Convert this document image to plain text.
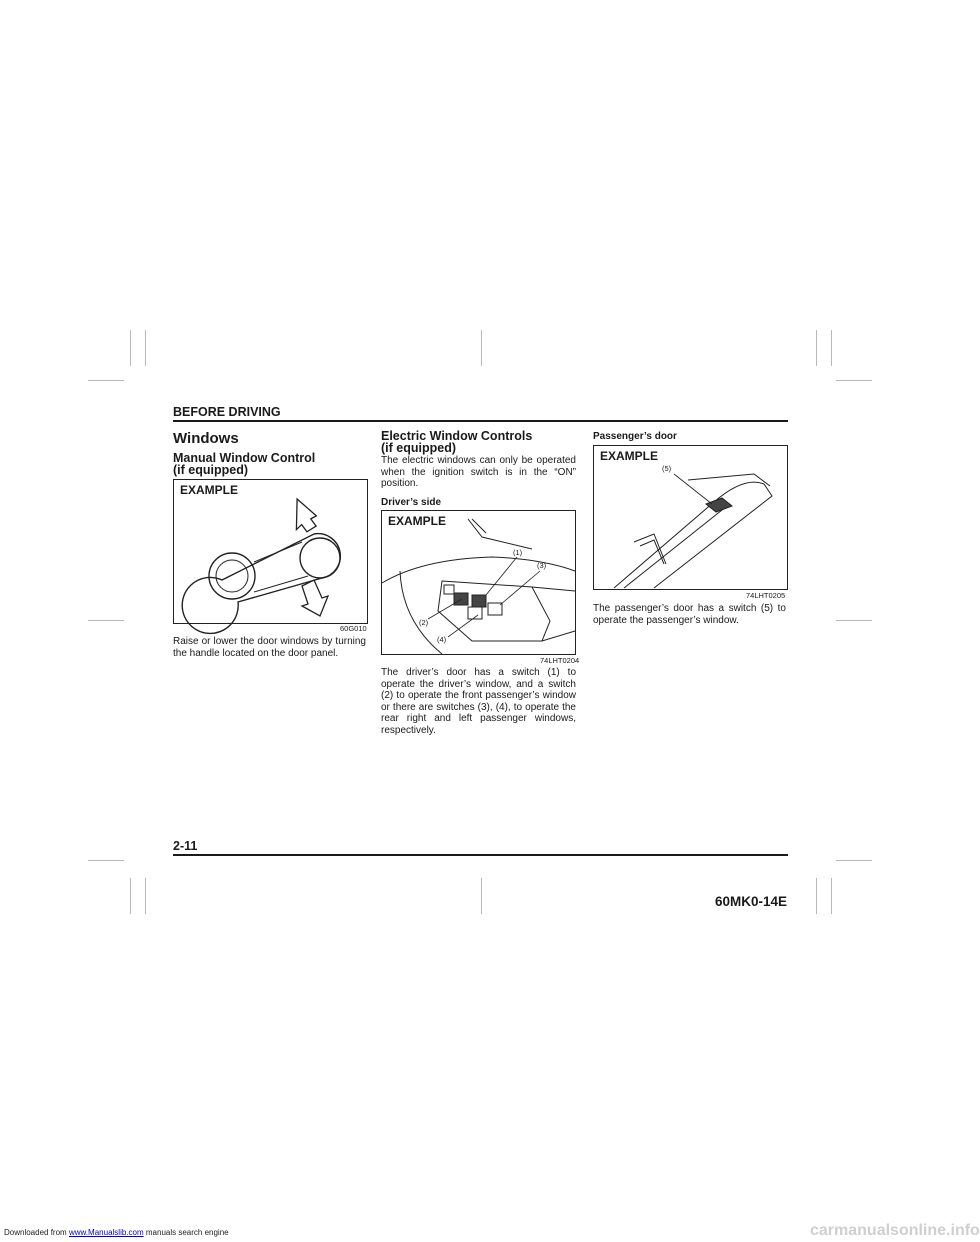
BEFORE DRIVING
Windows
Manual Window Control
(if equipped)
EXAMPLE
60G010
Raise or lower the door windows by turning the handle located on the door panel.
Electric Window Controls
(if equipped)
The electric windows can only be operated when the ignition switch is in the “ON” position.
Driver’s side
EXAMPLE
(1)
(3)
(2)
(4)
74LHT0204
The driver’s door has a switch (1) to operate the driver’s window, and a switch (2) to operate the front passenger’s window or there are switches (3), (4), to operate the rear right and left passenger windows, respectively.
Passenger’s door
EXAMPLE
(5)
74LHT0205
The passenger’s door has a switch (5) to operate the passenger’s window.
2-11
60MK0-14E
Downloaded from www.Manualslib.com manuals search engine	carmanualsonline.info
